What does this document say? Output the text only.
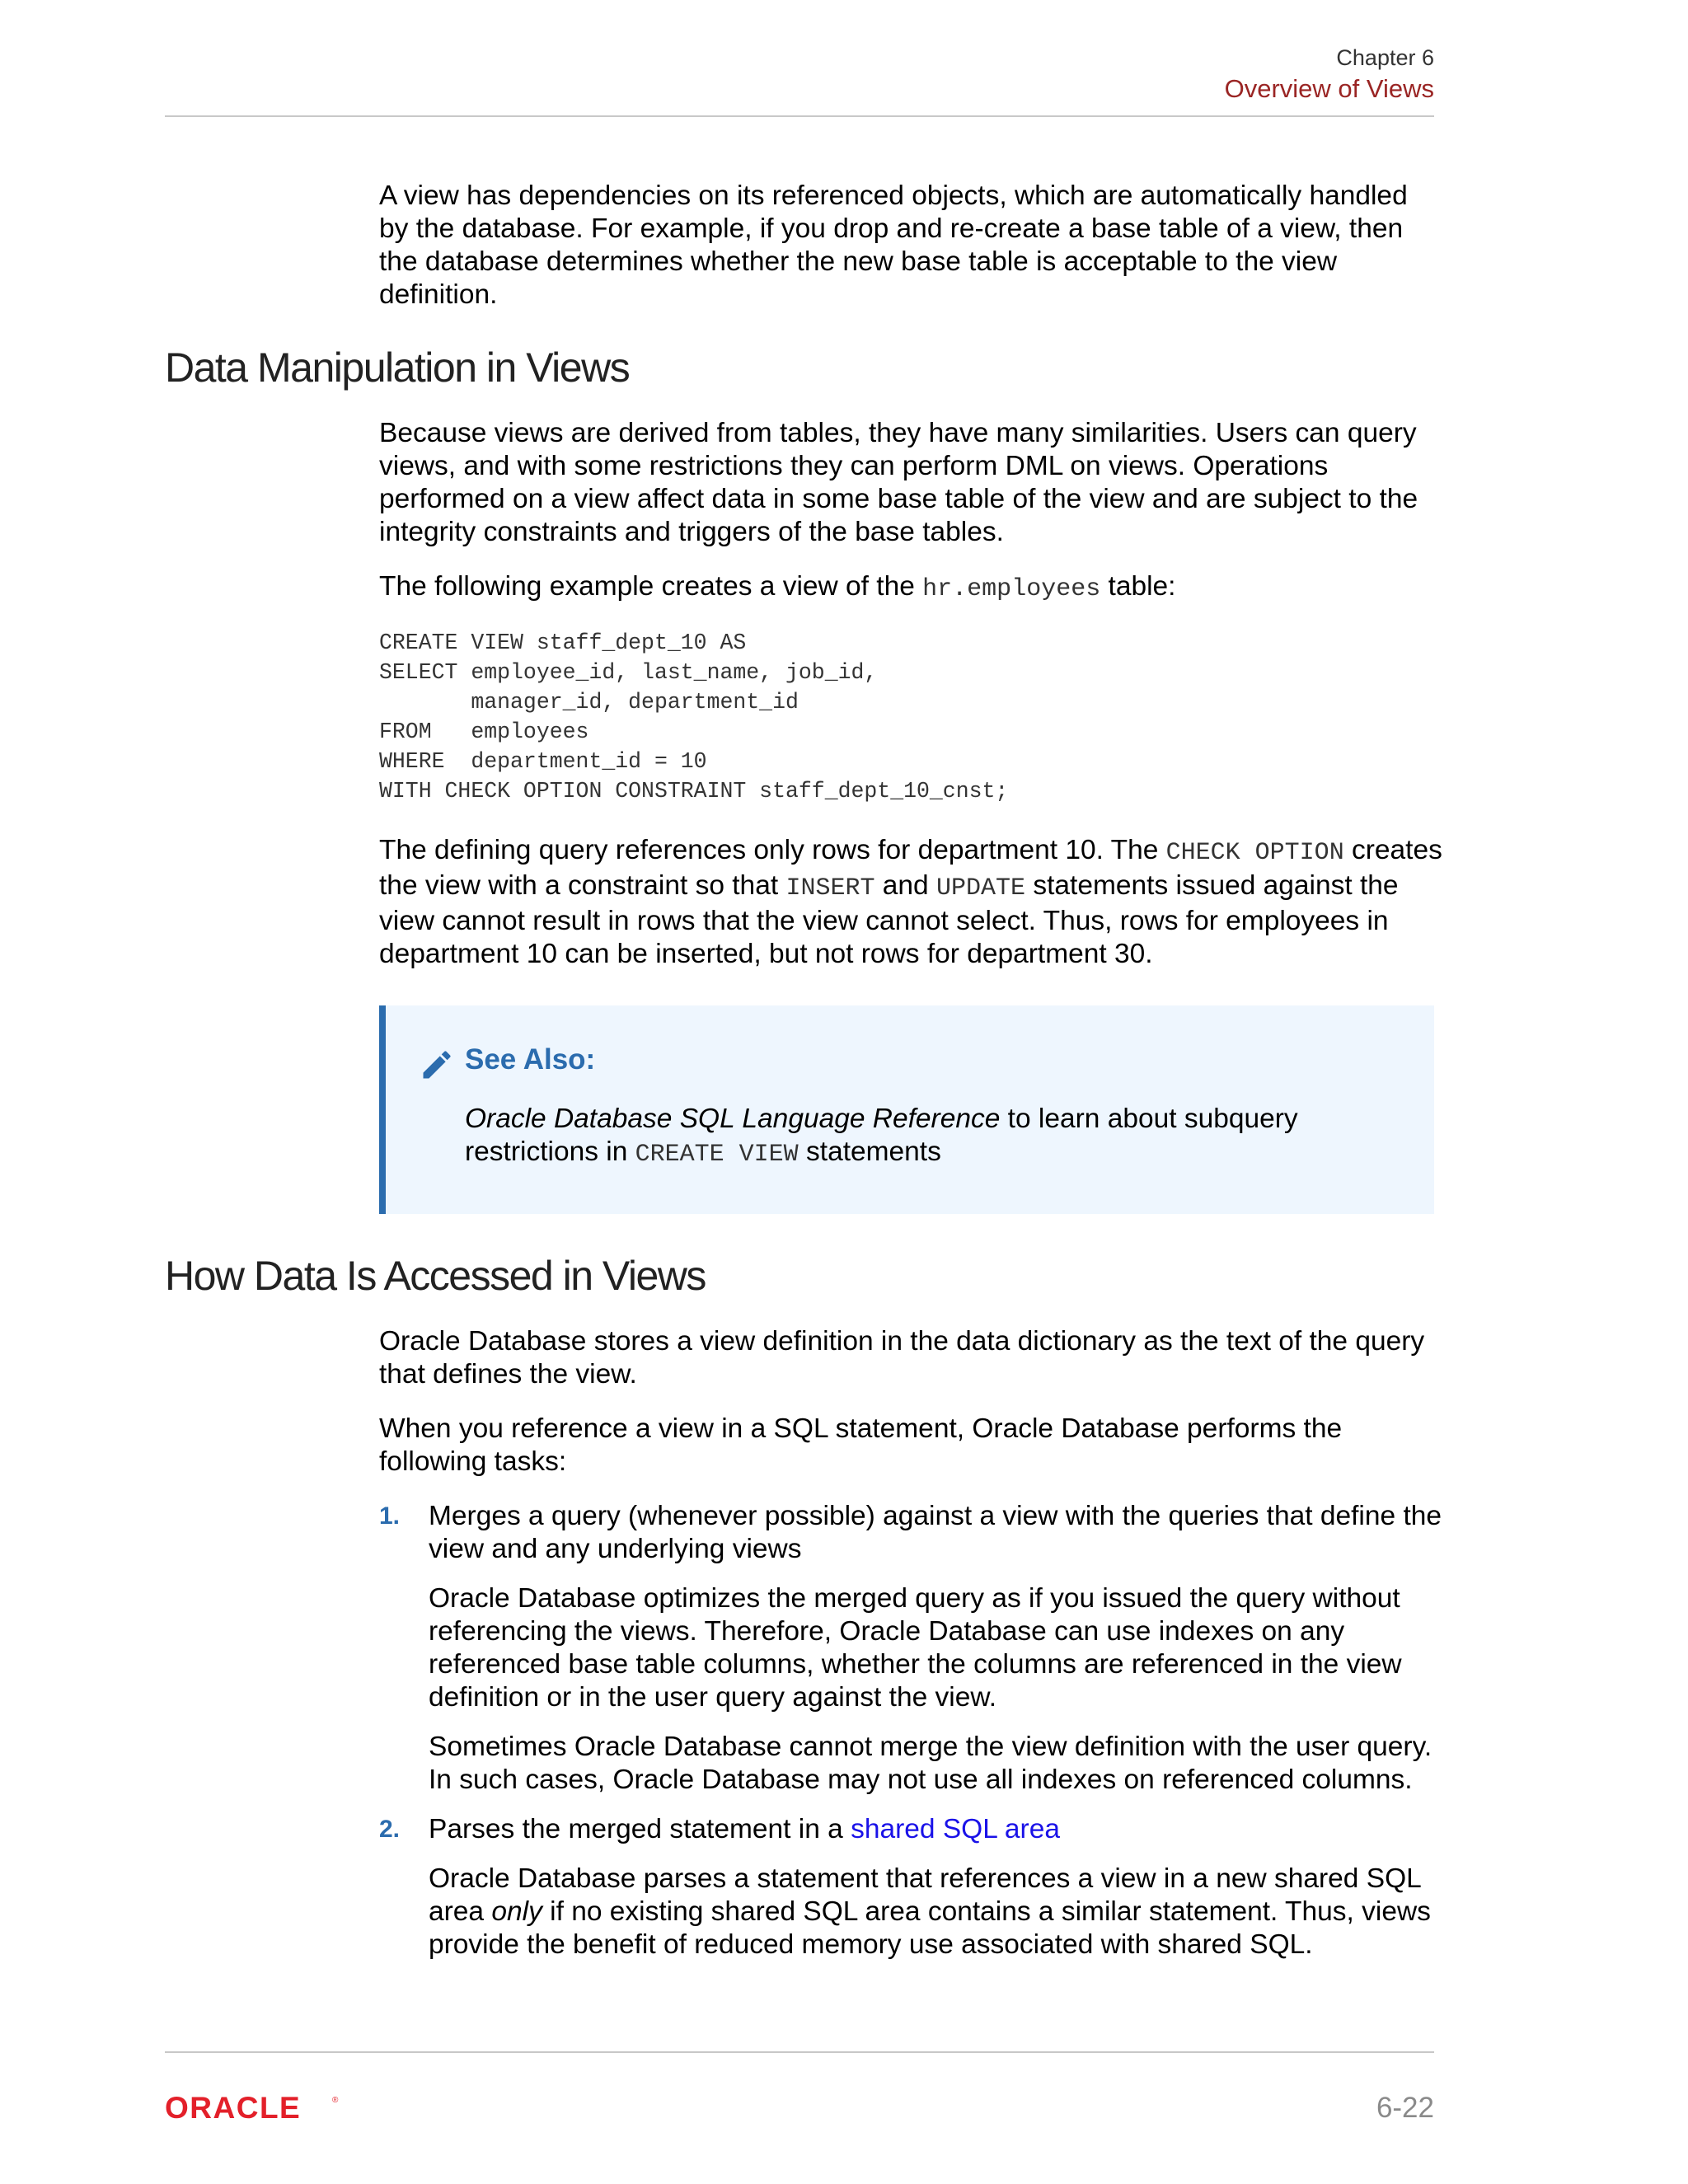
Chapter 6
Overview of Views

A view has dependencies on its referenced objects, which are automatically handled by the database. For example, if you drop and re-create a base table of a view, then the database determines whether the new base table is acceptable to the view definition.

Data Manipulation in Views

Because views are derived from tables, they have many similarities. Users can query views, and with some restrictions they can perform DML on views. Operations performed on a view affect data in some base table of the view and are subject to the integrity constraints and triggers of the base tables.

The following example creates a view of the hr.employees table:

CREATE VIEW staff_dept_10 AS
SELECT employee_id, last_name, job_id,
manager_id, department_id
FROM   employees
WHERE  department_id = 10
WITH CHECK OPTION CONSTRAINT staff_dept_10_cnst;

The defining query references only rows for department 10. The CHECK OPTION creates the view with a constraint so that INSERT and UPDATE statements issued against the view cannot result in rows that the view cannot select. Thus, rows for employees in department 10 can be inserted, but not rows for department 30.

See Also:

Oracle Database SQL Language Reference to learn about subquery restrictions in CREATE VIEW statements

How Data Is Accessed in Views

Oracle Database stores a view definition in the data dictionary as the text of the query that defines the view.

When you reference a view in a SQL statement, Oracle Database performs the following tasks:

1. Merges a query (whenever possible) against a view with the queries that define the view and any underlying views

Oracle Database optimizes the merged query as if you issued the query without referencing the views. Therefore, Oracle Database can use indexes on any referenced base table columns, whether the columns are referenced in the view definition or in the user query against the view.

Sometimes Oracle Database cannot merge the view definition with the user query. In such cases, Oracle Database may not use all indexes on referenced columns.

2. Parses the merged statement in a shared SQL area

Oracle Database parses a statement that references a view in a new shared SQL area only if no existing shared SQL area contains a similar statement. Thus, views provide the benefit of reduced memory use associated with shared SQL.

ORACLE	®	6-22
